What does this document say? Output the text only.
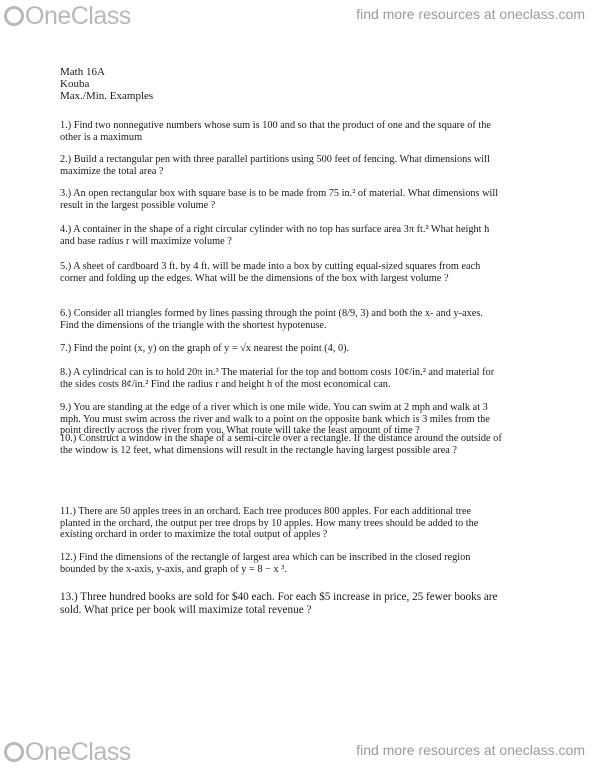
OneClass	find more resources at oneclass.com
Math 16A
Kouba
Max./Min. Examples

1.) Find two nonnegative numbers whose sum is 100 and so that the product of one and the square of the other is a maximum

2.) Build a rectangular pen with three parallel partitions using 500 feet of fencing. What dimensions will maximize the total area ?

3.) An open rectangular box with square base is to be made from 75 in.² of material. What dimensions will result in the largest possible volume ?

4.) A container in the shape of a right circular cylinder with no top has surface area 3π ft.² What height h and base radius r will maximize volume ?

5.) A sheet of cardboard 3 ft. by 4 ft. will be made into a box by cutting equal-sized squares from each corner and folding up the edges. What will be the dimensions of the box with largest volume ?

6.) Consider all triangles formed by lines passing through the point (8/9, 3) and both the x- and y-axes. Find the dimensions of the triangle with the shortest hypotenuse.

7.) Find the point (x, y) on the graph of y = √x nearest the point (4, 0).

8.) A cylindrical can is to hold 20π in.³ The material for the top and bottom costs 10¢/in.² and material for the sides costs 8¢/in.² Find the radius r and height h of the most economical can.

9.) You are standing at the edge of a river which is one mile wide. You can swim at 2 mph and walk at 3 mph. You must swim across the river and walk to a point on the opposite bank which is 3 miles from the point directly across the river from you. What route will take the least amount of time ?

10.) Construct a window in the shape of a semi-circle over a rectangle. If the distance around the outside of the window is 12 feet, what dimensions will result in the rectangle having largest possible area ?

11.) There are 50 apples trees in an orchard. Each tree produces 800 apples. For each additional tree planted in the orchard, the output per tree drops by 10 apples. How many trees should be added to the existing orchard in order to maximize the total output of apples ?

12.) Find the dimensions of the rectangle of largest area which can be inscribed in the closed region bounded by the x-axis, y-axis, and graph of y = 8 − x ³.

13.) Three hundred books are sold for $40 each. For each $5 increase in price, 25 fewer books are sold. What price per book will maximize total revenue ?

OneClass	find more resources at oneclass.com
